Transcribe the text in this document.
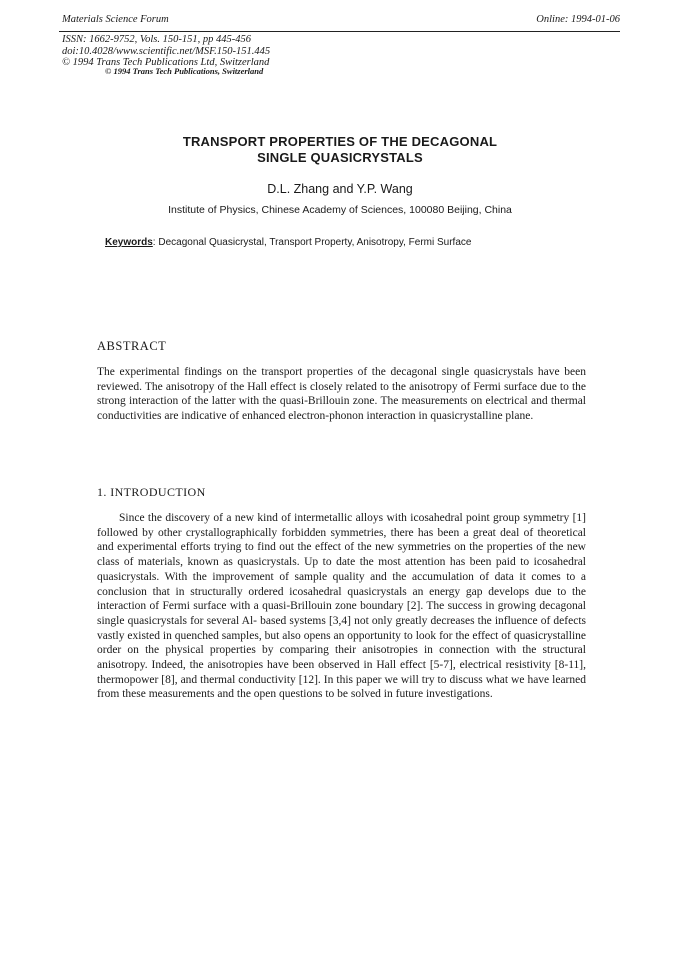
Materials Science Forum	Online: 1994-01-06
ISSN: 1662-9752, Vols. 150-151, pp 445-456
doi:10.4028/www.scientific.net/MSF.150-151.445
© 1994 Trans Tech Publications Ltd, Switzerland
© 1994 Trans Tech Publications, Switzerland
TRANSPORT PROPERTIES OF THE DECAGONAL
SINGLE QUASICRYSTALS
D.L. Zhang and Y.P. Wang
Institute of Physics, Chinese Academy of Sciences, 100080 Beijing, China
Keywords: Decagonal Quasicrystal, Transport Property, Anisotropy, Fermi Surface
ABSTRACT
The experimental findings on the transport properties of the decagonal single quasicrystals have been reviewed. The anisotropy of the Hall effect is closely related to the anisotropy of Fermi surface due to the strong interaction of the latter with the quasi-Brillouin zone. The measurements on electrical and thermal conductivities are indicative of enhanced electron-phonon interaction in quasicrystalline plane.
1. INTRODUCTION
Since the discovery of a new kind of intermetallic alloys with icosahedral point group symmetry [1] followed by other crystallographically forbidden symmetries, there has been a great deal of theoretical and experimental efforts trying to find out the effect of the new symmetries on the properties of the new class of materials, known as quasicrystals. Up to date the most attention has been paid to icosahedral quasicrystals. With the improvement of sample quality and the accumulation of data it comes to a conclusion that in structurally ordered icosahedral quasicrystals an energy gap develops due to the interaction of Fermi surface with a quasi-Brillouin zone boundary [2]. The success in growing decagonal single quasicrystals for several Al- based systems [3,4] not only greatly decreases the influence of defects vastly existed in quenched samples, but also opens an opportunity to look for the effect of quasicrystalline order on the physical properties by comparing their anisotropies in connection with the structural anisotropy. Indeed, the anisotropies have been observed in Hall effect [5-7], electrical resistivity [8-11], thermopower [8], and thermal conductivity [12]. In this paper we will try to discuss what we have learned from these measurements and the open questions to be solved in future investigations.
